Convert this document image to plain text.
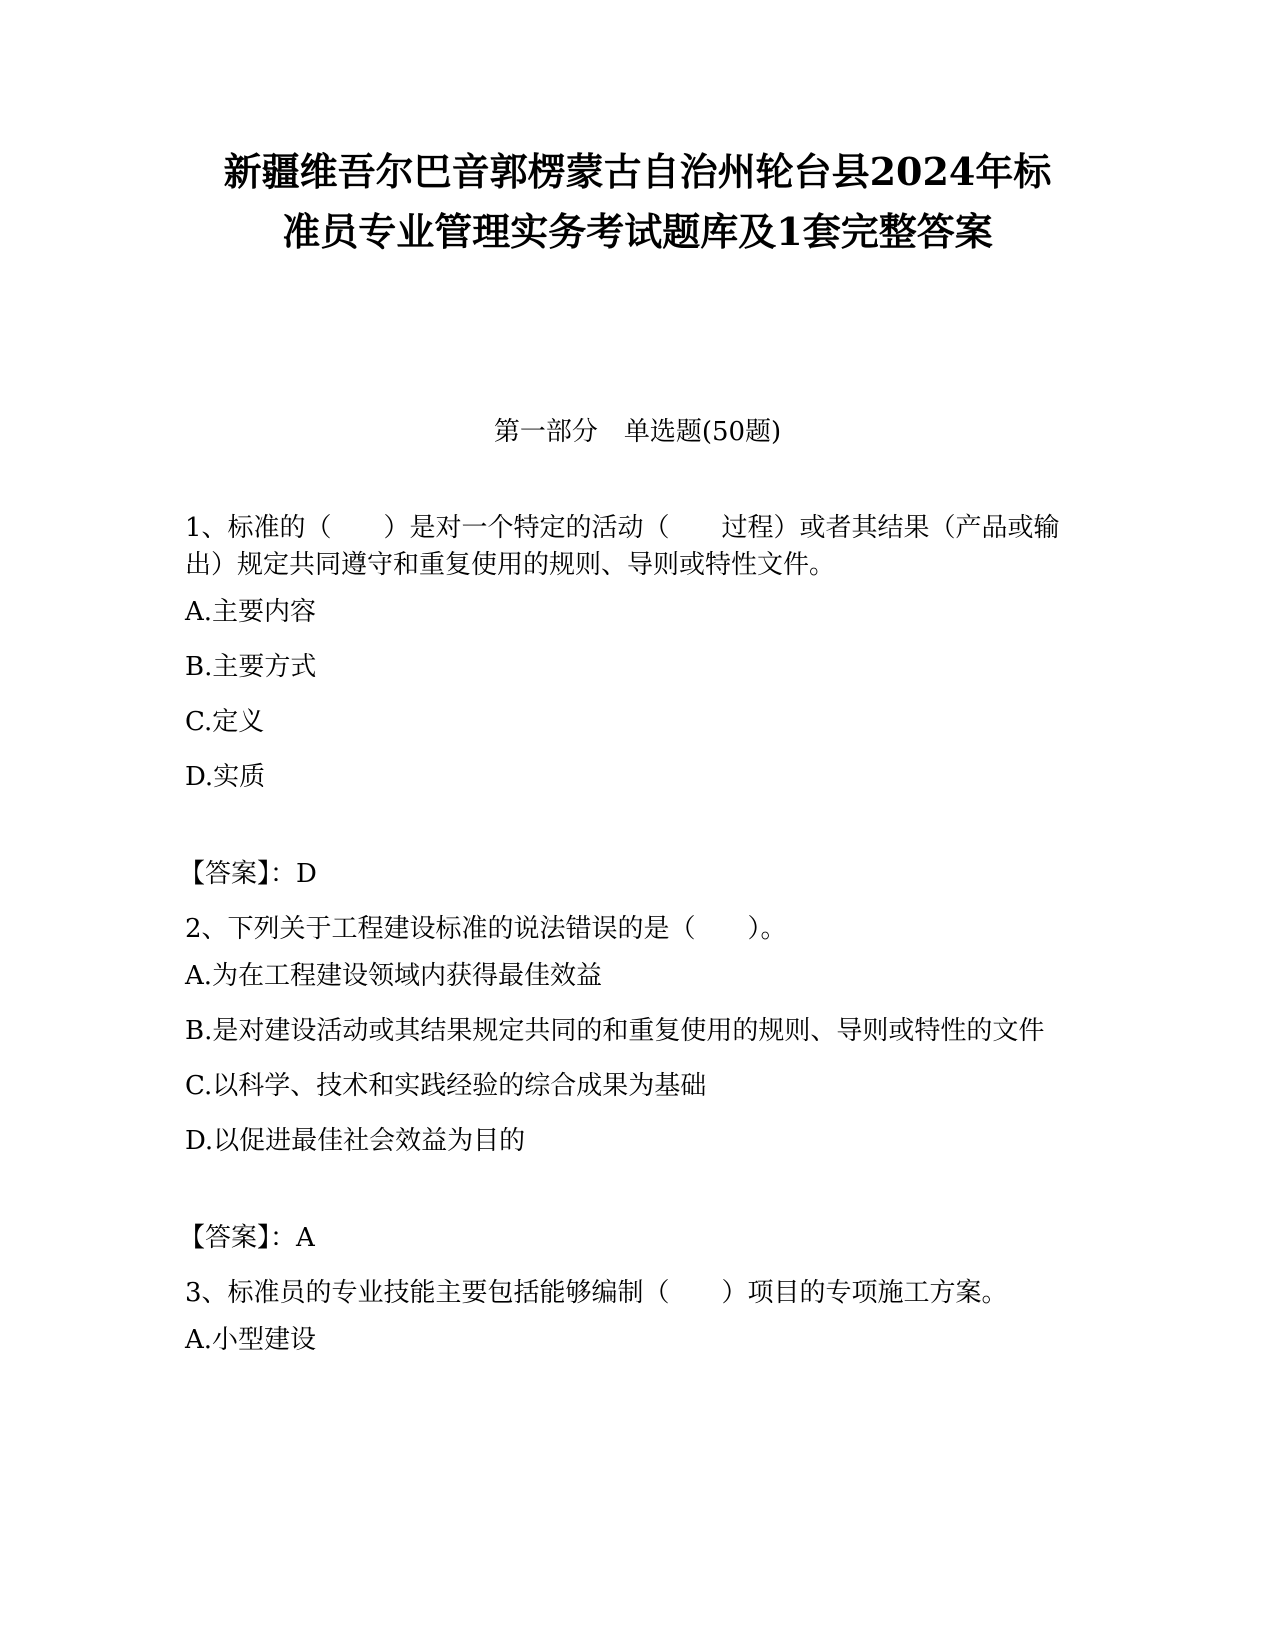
新疆维吾尔巴音郭楞蒙古自治州轮台县2024年标
准员专业管理实务考试题库及1套完整答案
第一部分　单选题(50题)
1、标准的（　　）是对一个特定的活动（　　过程）或者其结果（产品或输出）规定共同遵守和重复使用的规则、导则或特性文件。
A.主要内容
B.主要方式
C.定义
D.实质
【答案】：D
2、下列关于工程建设标准的说法错误的是（　　）。
A.为在工程建设领域内获得最佳效益
B.是对建设活动或其结果规定共同的和重复使用的规则、导则或特性的文件
C.以科学、技术和实践经验的综合成果为基础
D.以促进最佳社会效益为目的
【答案】：A
3、标准员的专业技能主要包括能够编制（　　）项目的专项施工方案。
A.小型建设
